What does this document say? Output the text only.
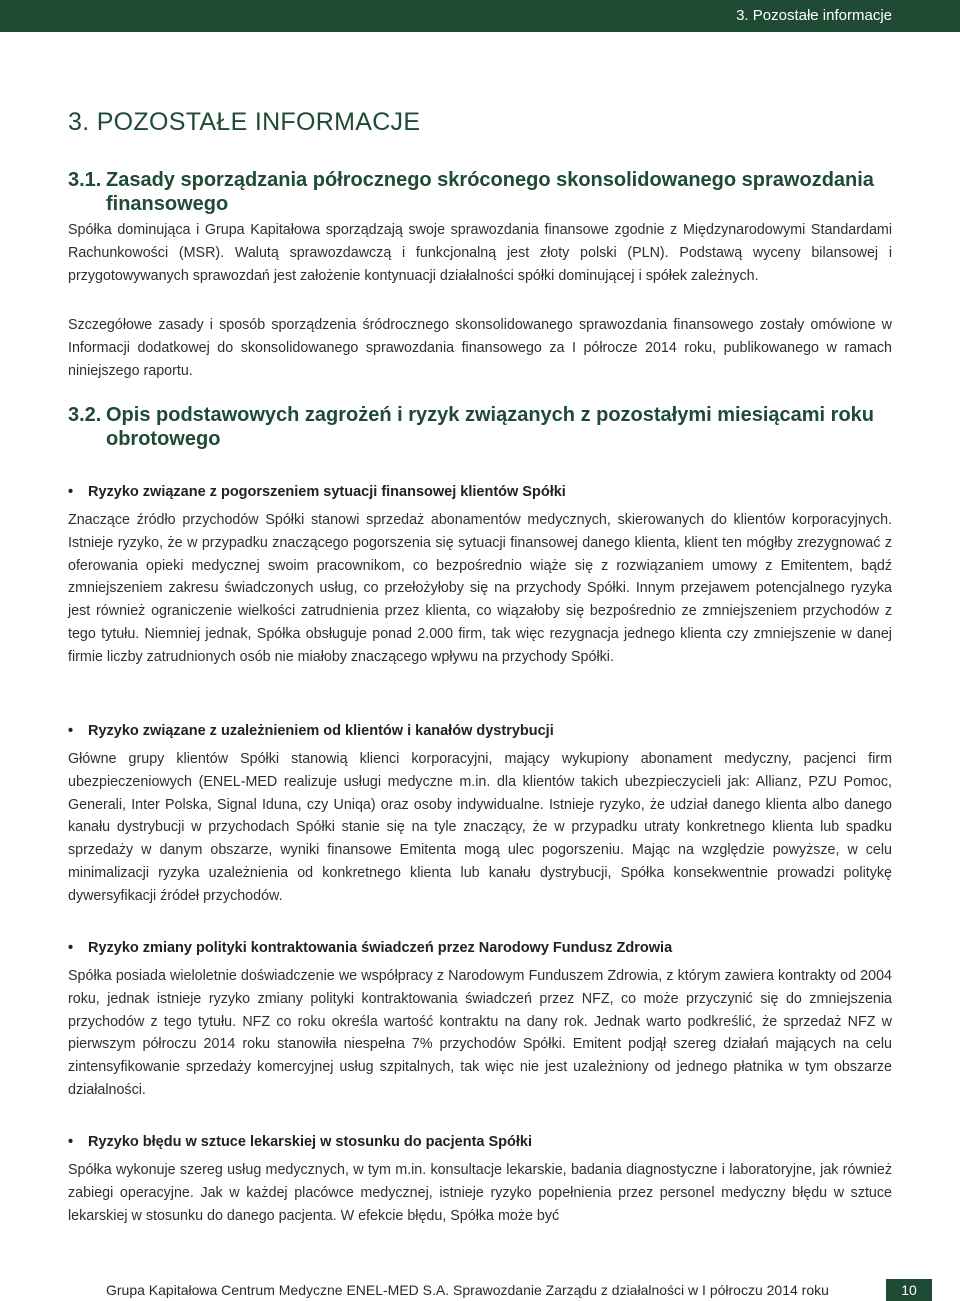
3. Pozostałe informacje
3. POZOSTAŁE INFORMACJE
3.1. Zasady sporządzania półrocznego skróconego skonsolidowanego sprawozdania
finansowego

Spółka dominująca i Grupa Kapitałowa sporządzają swoje sprawozdania finansowe zgodnie z Międzynarodowymi Standardami Rachunkowości (MSR). Walutą sprawozdawczą i funkcjonalną jest złoty polski (PLN). Podstawą wyceny bilansowej i przygotowywanych sprawozdań jest założenie kontynuacji działalności spółki dominującej i spółek zależnych.

Szczegółowe zasady i sposób sporządzenia śródrocznego skonsolidowanego sprawozdania finansowego zostały omówione w Informacji dodatkowej do skonsolidowanego sprawozdania finansowego za I półrocze 2014 roku, publikowanego w ramach niniejszego raportu.

3.2. Opis podstawowych zagrożeń i ryzyk związanych z pozostałymi miesiącami roku
obrotowego
• Ryzyko związane z pogorszeniem sytuacji finansowej klientów Spółki

Znaczące źródło przychodów Spółki stanowi sprzedaż abonamentów medycznych, skierowanych do klientów korporacyjnych. Istnieje ryzyko, że w przypadku znaczącego pogorszenia się sytuacji finansowej danego klienta, klient ten mógłby zrezygnować z oferowania opieki medycznej swoim pracownikom, co bezpośrednio wiąże się z rozwiązaniem umowy z Emitentem, bądź zmniejszeniem zakresu świadczonych usług, co przełożyłoby się na przychody Spółki. Innym przejawem potencjalnego ryzyka jest również ograniczenie wielkości zatrudnienia przez klienta, co wiązałoby się bezpośrednio ze zmniejszeniem przychodów z tego tytułu. Niemniej jednak, Spółka obsługuje ponad 2.000 firm, tak więc rezygnacja jednego klienta czy zmniejszenie w danej firmie liczby zatrudnionych osób nie miałoby znaczącego wpływu na przychody Spółki.

• Ryzyko związane z uzależnieniem od klientów i kanałów dystrybucji

Główne grupy klientów Spółki stanowią klienci korporacyjni, mający wykupiony abonament medyczny, pacjenci firm ubezpieczeniowych (ENEL-MED realizuje usługi medyczne m.in. dla klientów takich ubezpieczycieli jak: Allianz, PZU Pomoc, Generali, Inter Polska, Signal Iduna, czy Uniqa) oraz osoby indywidualne. Istnieje ryzyko, że udział danego klienta albo danego kanału dystrybucji w przychodach Spółki stanie się na tyle znaczący, że w przypadku utraty konkretnego klienta lub spadku sprzedaży w danym obszarze, wyniki finansowe Emitenta mogą ulec pogorszeniu. Mając na względzie powyższe, w celu minimalizacji ryzyka uzależnienia od konkretnego klienta lub kanału dystrybucji, Spółka konsekwentnie prowadzi politykę dywersyfikacji źródeł przychodów.

• Ryzyko zmiany polityki kontraktowania świadczeń przez Narodowy Fundusz Zdrowia

Spółka posiada wieloletnie doświadczenie we współpracy z Narodowym Funduszem Zdrowia, z którym zawiera kontrakty od 2004 roku, jednak istnieje ryzyko zmiany polityki kontraktowania świadczeń przez NFZ, co może przyczynić się do zmniejszenia przychodów z tego tytułu. NFZ co roku określa wartość kontraktu na dany rok. Jednak warto podkreślić, że sprzedaż NFZ w pierwszym półroczu 2014 roku stanowiła niespełna 7% przychodów Spółki. Emitent podjął szereg działań mających na celu zintensyfikowanie sprzedaży komercyjnej usług szpitalnych, tak więc nie jest uzależniony od jednego płatnika w tym obszarze działalności.

• Ryzyko błędu w sztuce lekarskiej w stosunku do pacjenta Spółki

Spółka wykonuje szereg usług medycznych, w tym m.in. konsultacje lekarskie, badania diagnostyczne i laboratoryjne, jak również zabiegi operacyjne. Jak w każdej placówce medycznej, istnieje ryzyko popełnienia przez personel medyczny błędu w sztuce lekarskiej w stosunku do danego pacjenta. W efekcie błędu, Spółka może być

Grupa Kapitałowa Centrum Medyczne ENEL-MED S.A. Sprawozdanie Zarządu z działalności w I półroczu 2014 roku	10
